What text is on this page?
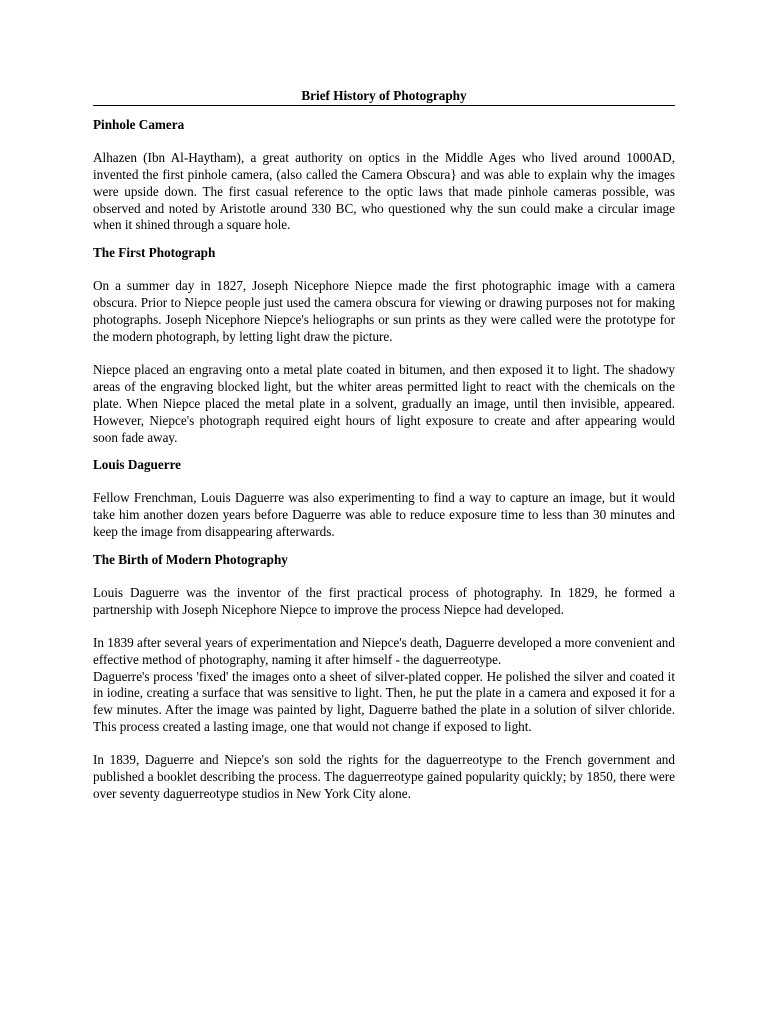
Brief History of Photography

Pinhole Camera

Alhazen (Ibn Al-Haytham), a great authority on optics in the Middle Ages who lived around 1000AD, invented the first pinhole camera, (also called the Camera Obscura} and was able to explain why the images were upside down. The first casual reference to the optic laws that made pinhole cameras possible, was observed and noted by Aristotle around 330 BC, who questioned why the sun could make a circular image when it shined through a square hole.

The First Photograph

On a summer day in 1827, Joseph Nicephore Niepce made the first photographic image with a camera obscura. Prior to Niepce people just used the camera obscura for viewing or drawing purposes not for making photographs. Joseph Nicephore Niepce's heliographs or sun prints as they were called were the prototype for the modern photograph, by letting light draw the picture.

Niepce placed an engraving onto a metal plate coated in bitumen, and then exposed it to light. The shadowy areas of the engraving blocked light, but the whiter areas permitted light to react with the chemicals on the plate. When Niepce placed the metal plate in a solvent, gradually an image, until then invisible, appeared. However, Niepce's photograph required eight hours of light exposure to create and after appearing would soon fade away.

Louis Daguerre

Fellow Frenchman, Louis Daguerre was also experimenting to find a way to capture an image, but it would take him another dozen years before Daguerre was able to reduce exposure time to less than 30 minutes and keep the image from disappearing afterwards.

The Birth of Modern Photography

Louis Daguerre was the inventor of the first practical process of photography. In 1829, he formed a partnership with Joseph Nicephore Niepce to improve the process Niepce had developed.

In 1839 after several years of experimentation and Niepce's death, Daguerre developed a more convenient and effective method of photography, naming it after himself - the daguerreotype.

Daguerre's process 'fixed' the images onto a sheet of silver-plated copper. He polished the silver and coated it in iodine, creating a surface that was sensitive to light. Then, he put the plate in a camera and exposed it for a few minutes. After the image was painted by light, Daguerre bathed the plate in a solution of silver chloride. This process created a lasting image, one that would not change if exposed to light.

In 1839, Daguerre and Niepce's son sold the rights for the daguerreotype to the French government and published a booklet describing the process. The daguerreotype gained popularity quickly; by 1850, there were over seventy daguerreotype studios in New York City alone.
